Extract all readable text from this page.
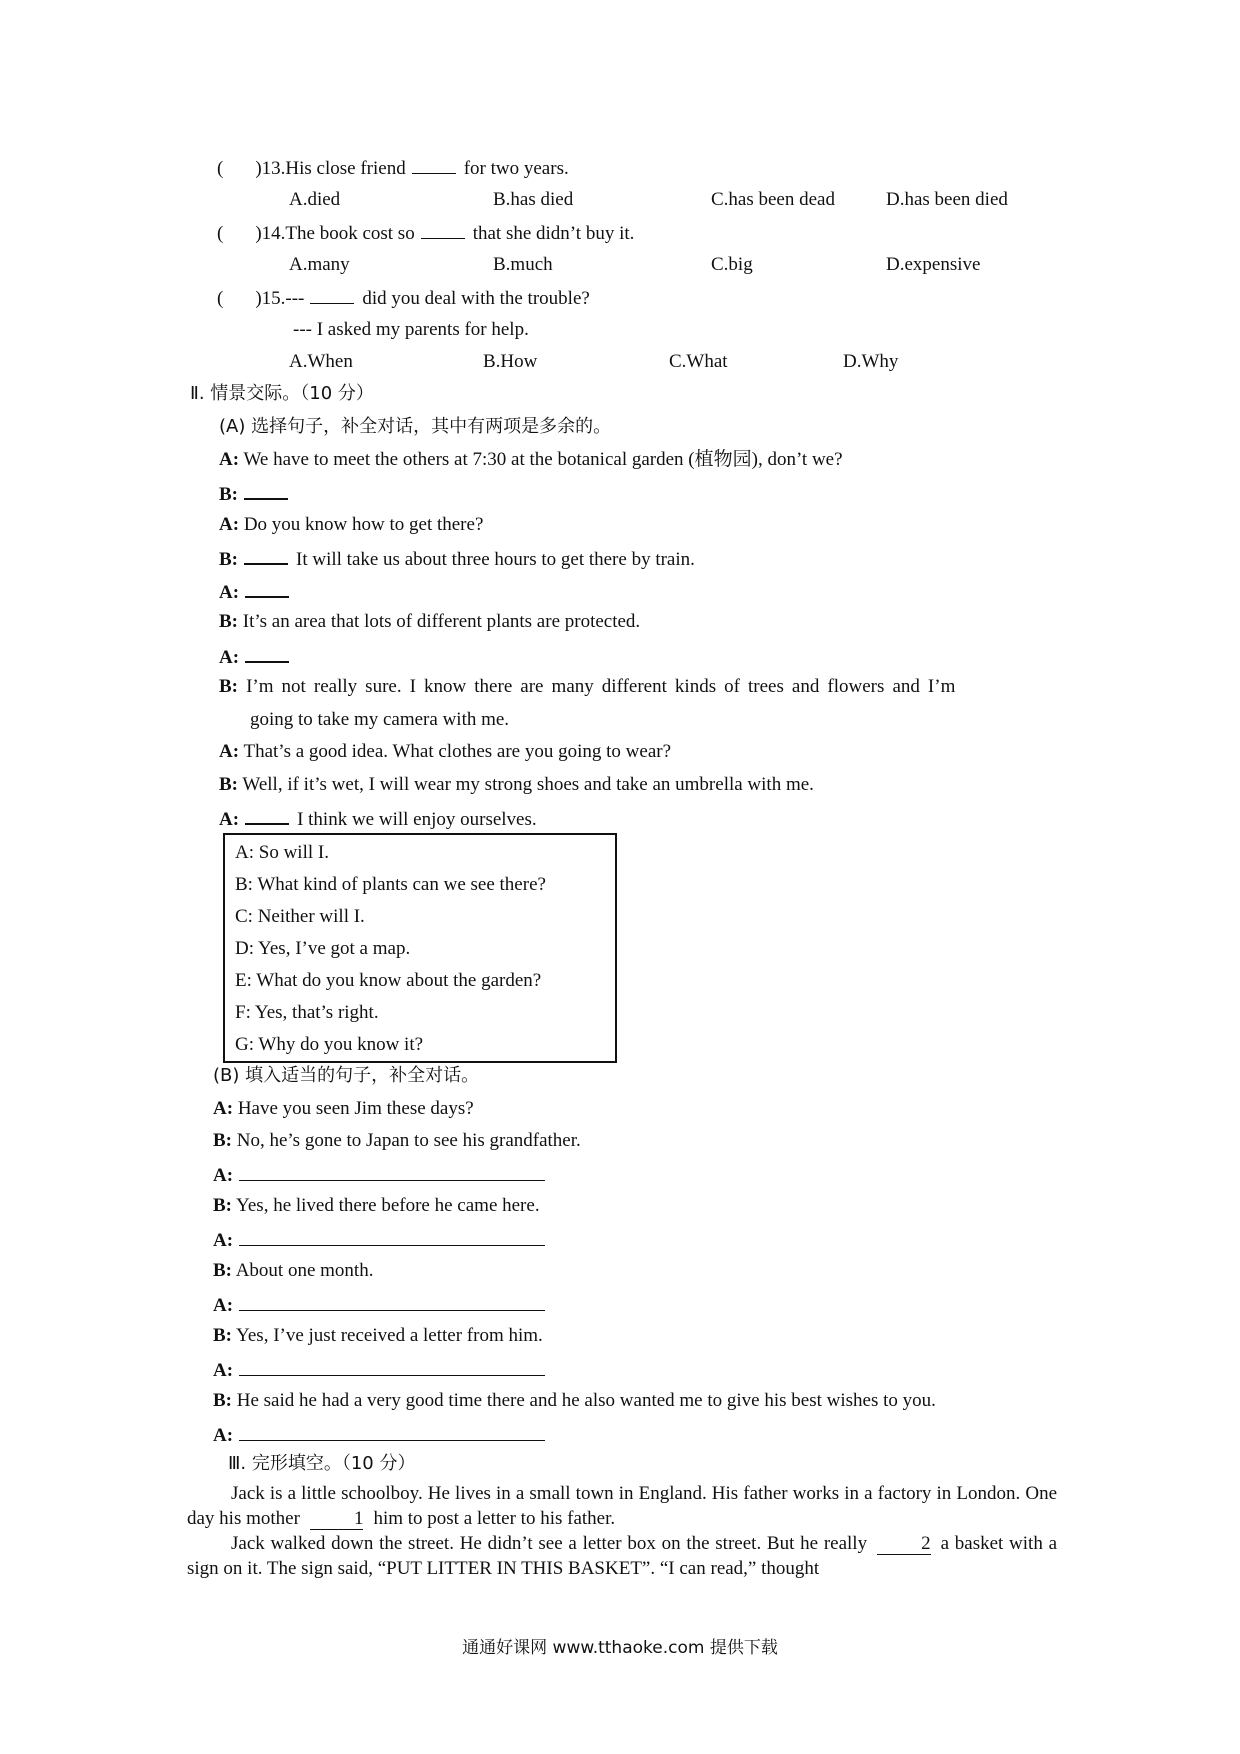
( )13.His close friend	for two years.
A.died	B.has died	C.has been dead	D.has been died
( )14.The book cost so	that she didn’t buy it.
A.many	B.much	C.big	D.expensive
( )15.---	did you deal with the trouble?
--- I asked my parents for help.
A.When	B.How	C.What	D.Why
Ⅱ. 情景交际。（10 分）
(A) 选择句子，补全对话，其中有两项是多余的。
A: We have to meet the others at 7:30 at the botanical garden (植物园), don’t we?
B:
A: Do you know how to get there?
B:	It will take us about three hours to get there by train.
A:
B: It’s an area that lots of different plants are protected.
A:
B: I’m not really sure. I know there are many different kinds of trees and flowers and I’m
going to take my camera with me.
A: That’s a good idea. What clothes are you going to wear?
B: Well, if it’s wet, I will wear my strong shoes and take an umbrella with me.
A:	I think we will enjoy ourselves.
A: So will I.
B: What kind of plants can we see there?
C: Neither will I.
D: Yes, I’ve got a map.
E: What do you know about the garden?
F: Yes, that’s right.
G: Why do you know it?
(B) 填入适当的句子，补全对话。
A: Have you seen Jim these days?
B: No, he’s gone to Japan to see his grandfather.
A:
B: Yes, he lived there before he came here.
A:
B: About one month.
A:
B: Yes, I’ve just received a letter from him.
A:
B: He said he had a very good time there and he also wanted me to give his best wishes to you.
A:
Ⅲ. 完形填空。（10 分）

Jack is a little schoolboy. He lives in a small town in England. His father works in a factory in London. One day his mother	1 him to post a letter to his father.

Jack walked down the street. He didn’t see a letter box on the street. But he really	2 a basket with a sign on it. The sign said, “PUT LITTER IN THIS BASKET”. “I can read,” thought

通通好课网 www.tthaoke.com 提供下载
